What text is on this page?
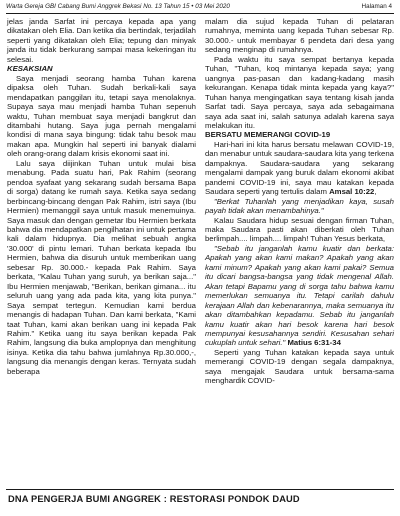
Warta Gereja GBI Cabang Bumi Anggrek Bekasi No. 13 Tahun 15 • 03 Mei 2020	Halaman 4

jelas janda Sarfat ini percaya kepada apa yang dikatakan oleh Elia. Dan ketika dia bertindak, terjadilah seperti yang dikatakan oleh Elia; tepung dan minyak janda itu tidak berkurang sampai masa kekeringan itu selesai.

KESAKSIAN

Saya menjadi seorang hamba Tuhan karena dipaksa oleh Tuhan. Sudah berkali-kali saya mendapatkan panggilan itu, tetapi saya menolaknya. Supaya saya mau menjadi hamba Tuhan sepenuh waktu, Tuhan membuat saya menjadi bangkrut dan ditambahi hutang. Saya juga pernah mengalami kondisi di mana saya bingung: tidak tahu besok mau makan apa. Mungkin hal seperti ini banyak dialami oleh orang-orang dalam krisis ekonomi saat ini.

Lalu saya diijinkan Tuhan untuk mulai bisa menabung. Pada suatu hari, Pak Rahim (seorang pendoa syafaat yang sekarang sudah bersama Bapa di sorga) datang ke rumah saya. Ketika saya sedang berbincang-bincang dengan Pak Rahim, istri saya (Ibu Hermien) memanggil saya untuk masuk menemuinya. Saya masuk dan dengan gemetar Ibu Hermien berkata bahwa dia mendapatkan pengilhatan ini untuk pertama kali dalam hidupnya. Dia melihat sebuah angka '30.000' di pintu lemari. Tuhan berkata kepada Ibu Hermien, bahwa dia disuruh untuk memberikan uang sebesar Rp. 30.000.- kepada Pak Rahim. Saya berkata, "Kalau Tuhan yang suruh, ya berikan saja..." Ibu Hermien menjawab, "Berikan, berikan gimana... itu seluruh uang yang ada pada kita, yang kita punya." Saya sempat tertegun. Kemudian kami berdua menangis di hadapan Tuhan. Dan kami berkata, "Kami taat Tuhan, kami akan berikan uang ini kepada Pak Rahim." Ketika uang itu saya berikan kepada Pak Rahim, langsung dia buka amplopnya dan menghitung isinya. Ketika dia tahu bahwa jumlahnya Rp.30.000,-, langsung dia menangis dengan keras. Ternyata sudah beberapa

malam dia sujud kepada Tuhan di pelataran rumahnya, meminta uang kepada Tuhan sebesar Rp. 30.000.- untuk membayar 6 pendeta dari desa yang sedang menginap di rumahnya.

Pada waktu itu saya sempat bertanya kepada Tuhan, "Tuhan, koq mintanya kepada saya; yang uangnya pas-pasan dan kadang-kadang masih kekurangan. Kenapa tidak minta kepada yang kaya?" Tuhan hanya mengingatkan saya tentang kisah janda Sarfat tadi. Saya percaya, saya ada sebagaimana saya ada saat ini, salah satunya adalah karena saya melakukan itu.

BERSATU MEMERANGI COVID-19

Hari-hari ini kita harus bersatu melawan COVID-19, dan menabur untuk saudara-saudara kita yang terkena dampaknya. Saudara-saudara yang sekarang mengalami dampak yang buruk dalam ekonomi akibat pandemi COVID-19 ini, saya mau katakan kepada Saudara seperti yang tertulis dalam Amsal 10:22,

"Berkat Tuhanlah yang menjadikan kaya, susah payah tidak akan menambahinya."

Kalau Saudara hidup sesuai dengan firman Tuhan, maka Saudara pasti akan diberkati oleh Tuhan berlimpah.... limpah.... limpah! Tuhan Yesus berkata,

"Sebab itu janganlah kamu kuatir dan berkata: Apakah yang akan kami makan? Apakah yang akan kami minum? Apakah yang akan kami pakai? Semua itu dicari bangsa-bangsa yang tidak mengenal Allah. Akan tetapi Bapamu yang di sorga tahu bahwa kamu memerlukan semuanya itu. Tetapi carilah dahulu kerajaan Allah dan kebenarannya, maka semuanya itu akan ditambahkan kepadamu. Sebab itu janganlah kamu kuatir akan hari besok karena hari besok mempunyai kesusahannya sendiri. Kesusahan sehari cukuplah untuk sehari." Matius 6:31-34

Seperti yang Tuhan katakan kepada saya untuk memerangi COVID-19 dengan segala dampaknya, saya mengajak Saudara untuk bersama-sama menghardik COVID-

DNA PENGERJA BUMI ANGGREK : RESTORASI PONDOK DAUD
